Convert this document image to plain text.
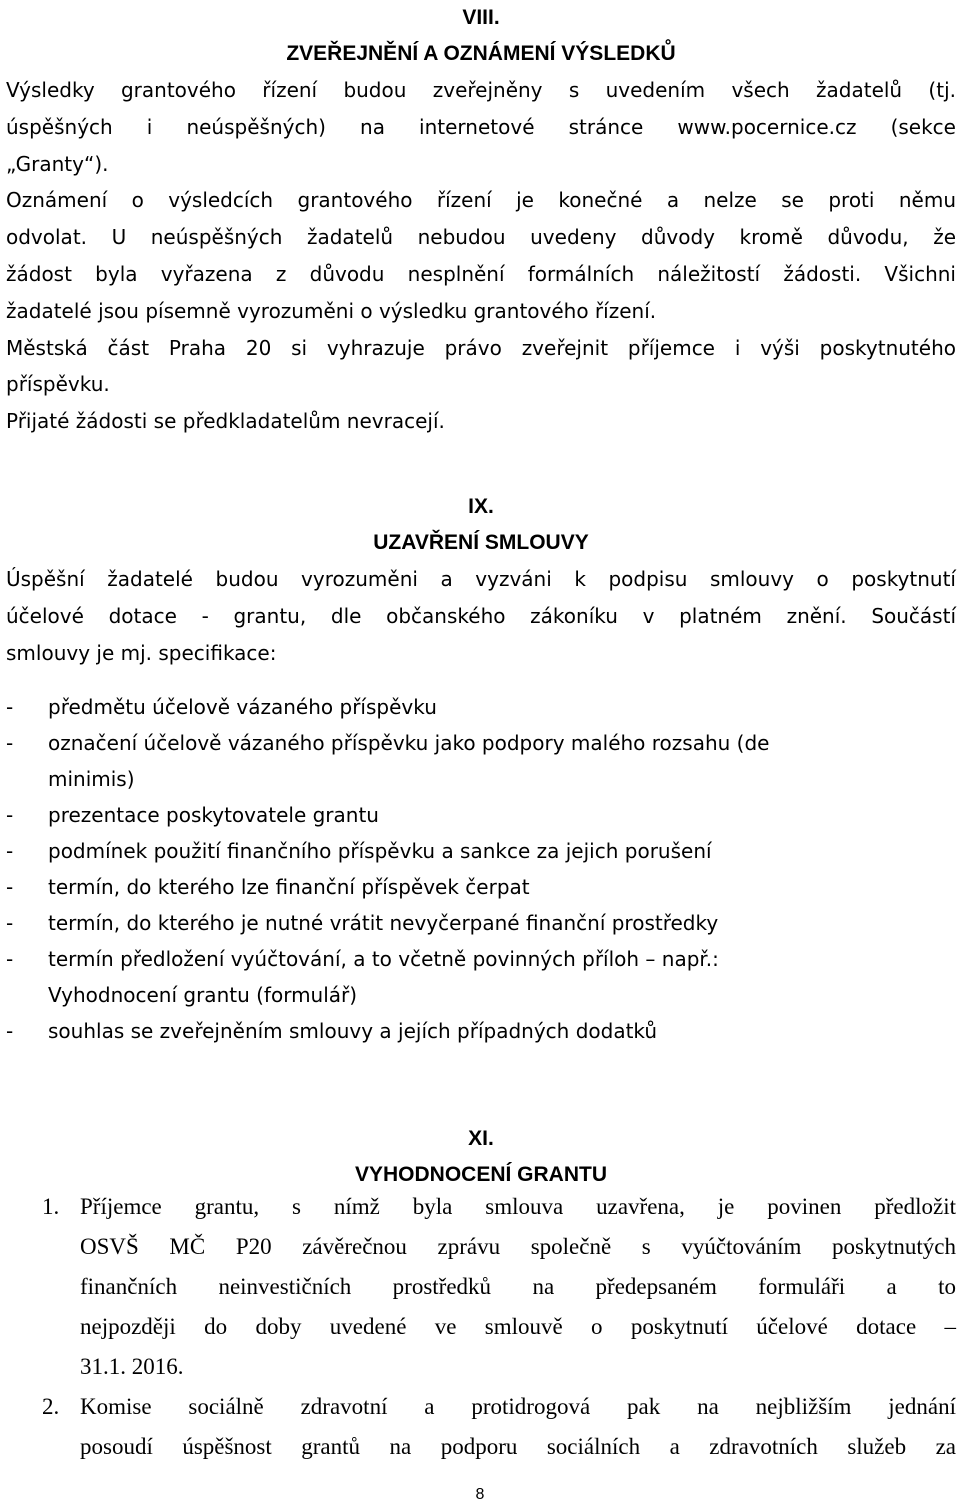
VIII.
ZVEŘEJNĚNÍ A OZNÁMENÍ VÝSLEDKŮ
Výsledky grantového řízení budou zveřejněny s uvedením všech žadatelů (tj.
úspěšných i neúspěšných) na internetové stránce www.pocernice.cz (sekce
„Granty“).
Oznámení o výsledcích grantového řízení je konečné a nelze se proti němu
odvolat. U neúspěšných žadatelů nebudou uvedeny důvody kromě důvodu, že
žádost byla vyřazena z důvodu nesplnění formálních náležitostí žádosti. Všichni
žadatelé jsou písemně vyrozuměni o výsledku grantového řízení.
Městská část Praha 20 si vyhrazuje právo zveřejnit příjemce i výši poskytnutého
příspěvku.
Přijaté žádosti se předkladatelům nevracejí.
IX.
UZAVŘENÍ SMLOUVY
Úspěšní žadatelé budou vyrozuměni a vyzváni k podpisu smlouvy o poskytnutí
účelové dotace - grantu, dle občanského zákoníku v platném znění. Součástí
smlouvy je mj. specifikace:
- předmětu účelově vázaného příspěvku
- označení účelově vázaného příspěvku jako podpory malého rozsahu (de
minimis)
- prezentace poskytovatele grantu
- podmínek použití finančního příspěvku a sankce za jejich porušení
- termín, do kterého lze finanční příspěvek čerpat
- termín, do kterého je nutné vrátit nevyčerpané finanční prostředky
- termín předložení vyúčtování, a to včetně povinných příloh – např.:
Vyhodnocení grantu (formulář)
- souhlas se zveřejněním smlouvy a jejích případných dodatků
XI.
VYHODNOCENÍ GRANTU
1. Příjemce grantu, s nímž byla smlouva uzavřena, je povinen předložit
OSVŠ MČ P20 závěrečnou zprávu společně s vyúčtováním poskytnutých
finančních neinvestičních prostředků na předepsaném formuláři a to
nejpozději do doby uvedené ve smlouvě o poskytnutí účelové dotace –
31.1. 2016.
2. Komise sociálně zdravotní a protidrogová pak na nejbližším jednání
posoudí úspěšnost grantů na podporu sociálních a zdravotních služeb za
8
